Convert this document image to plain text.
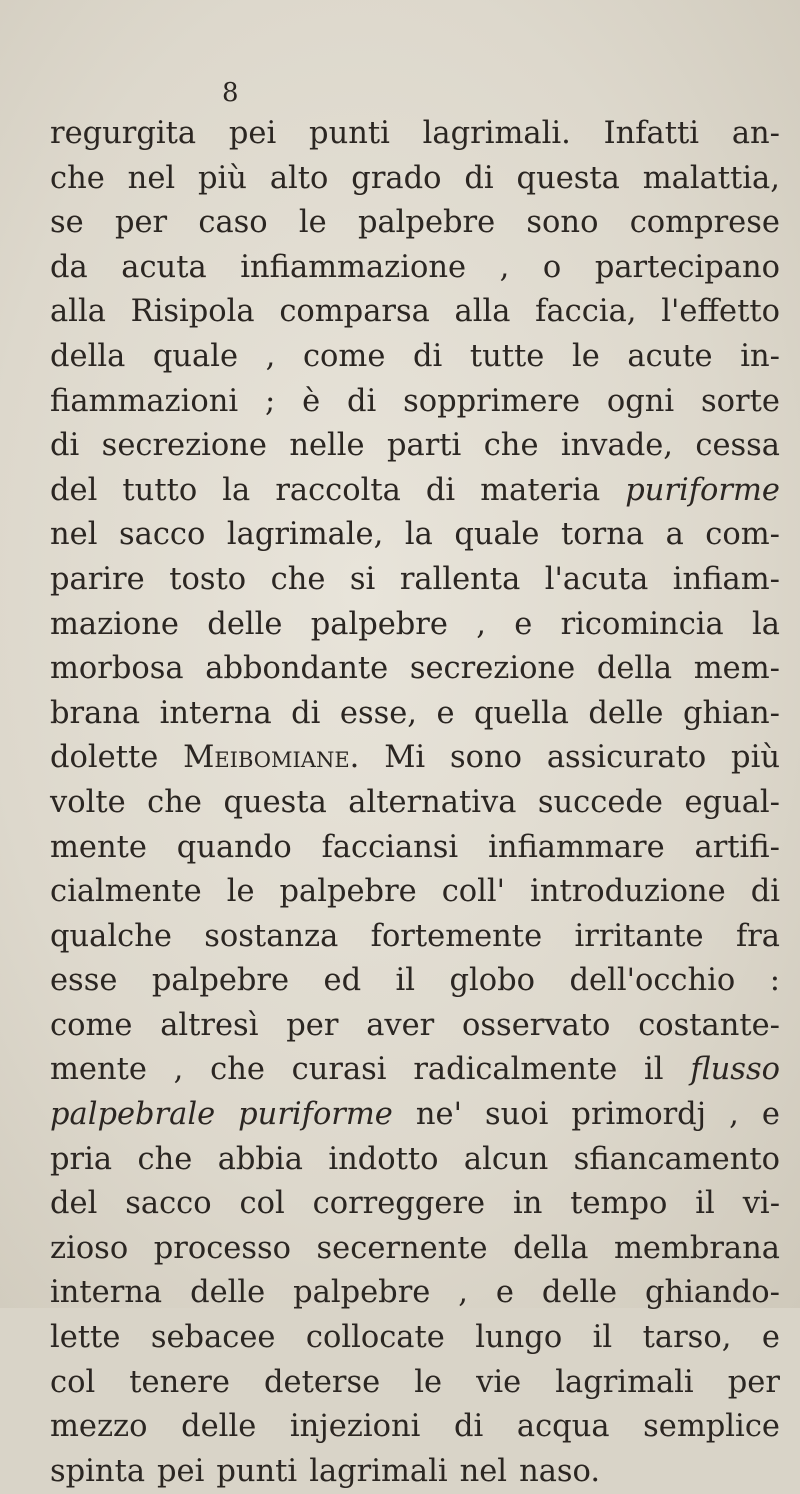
8
regurgita pei punti lagrimali. Infatti an-
che nel più alto grado di questa malattia,
se per caso le palpebre sono comprese
da acuta infiammazione , o partecipano
alla Risipola comparsa alla faccia, l'effetto
della quale , come di tutte le acute in-
fiammazioni ; è di sopprimere ogni sorte
di secrezione nelle parti che invade, cessa
del tutto la raccolta di materia puriforme
nel sacco lagrimale, la quale torna a com-
parire tosto che si rallenta l'acuta infiam-
mazione delle palpebre , e ricomincia la
morbosa abbondante secrezione della mem-
brana interna di esse, e quella delle ghian-
dolette Meibomiane. Mi sono assicurato più
volte che questa alternativa succede egual-
mente quando facciansi infiammare artifi-
cialmente le palpebre coll' introduzione di
qualche sostanza fortemente irritante fra
esse palpebre ed il globo dell'occhio :
come altresì per aver osservato costante-
mente , che curasi radicalmente il flusso
palpebrale puriforme ne' suoi primordj , e
pria che abbia indotto alcun sfiancamento
del sacco col correggere in tempo il vi-
zioso processo secernente della membrana
interna delle palpebre , e delle ghiando-
lette sebacee collocate lungo il tarso, e
col tenere deterse le vie lagrimali per
mezzo delle injezioni di acqua semplice
spinta pei punti lagrimali nel naso.
